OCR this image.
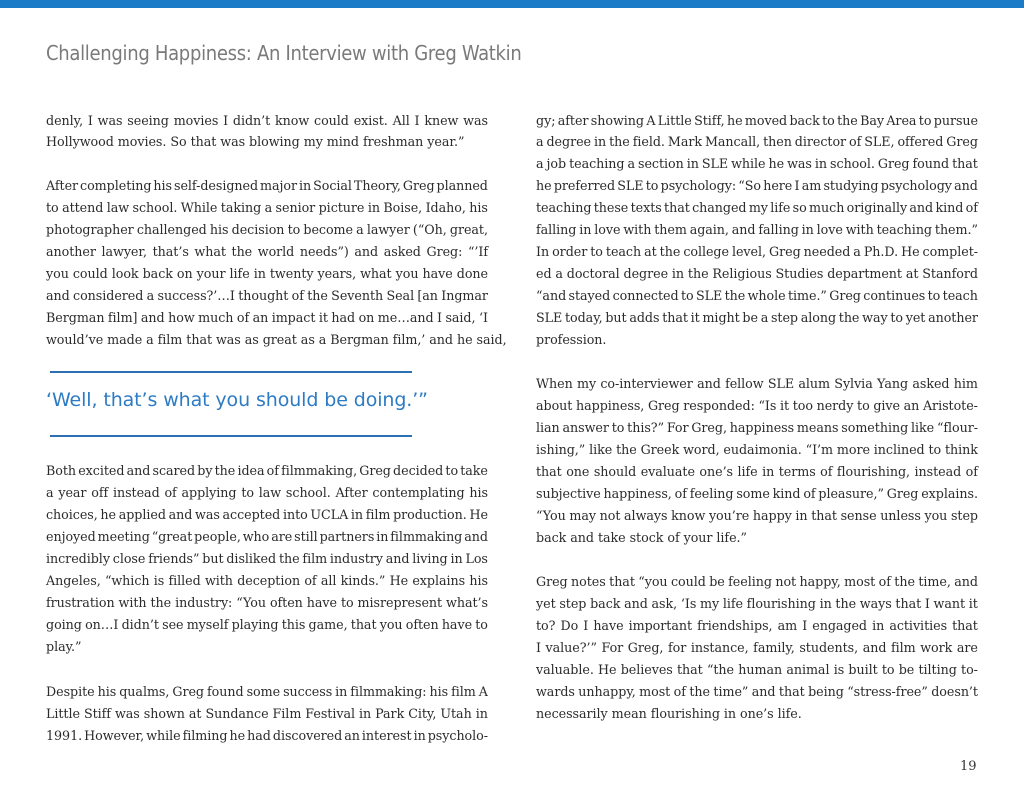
Challenging Happiness: An Interview with Greg Watkin
denly, I was seeing movies I didn’t know could exist. All I knew was
Hollywood movies. So that was blowing my mind freshman year.”
After completing his self-designed major in Social Theory, Greg planned
to attend law school. While taking a senior picture in Boise, Idaho, his
photographer challenged his decision to become a lawyer (“Oh, great,
another lawyer, that’s what the world needs”) and asked Greg: “’If
you could look back on your life in twenty years, what you have done
and considered a success?’…I thought of the Seventh Seal [an Ingmar
Bergman film] and how much of an impact it had on me…and I said, ‘I
would’ve made a film that was as great as a Bergman film,’ and he said,
‘Well, that’s what you should be doing.’”
Both excited and scared by the idea of filmmaking, Greg decided to take
a year off instead of applying to law school. After contemplating his
choices, he applied and was accepted into UCLA in film production. He
enjoyed meeting “great people, who are still partners in filmmaking and
incredibly close friends” but disliked the film industry and living in Los
Angeles, “which is filled with deception of all kinds.” He explains his
frustration with the industry: “You often have to misrepresent what’s
going on…I didn’t see myself playing this game, that you often have to
play.”
Despite his qualms, Greg found some success in filmmaking: his film A
Little Stiff was shown at Sundance Film Festival in Park City, Utah in
1991. However, while filming he had discovered an interest in psycholo-
gy; after showing A Little Stiff, he moved back to the Bay Area to pursue
a degree in the field. Mark Mancall, then director of SLE, offered Greg
a job teaching a section in SLE while he was in school. Greg found that
he preferred SLE to psychology: “So here I am studying psychology and
teaching these texts that changed my life so much originally and kind of
falling in love with them again, and falling in love with teaching them.”
In order to teach at the college level, Greg needed a Ph.D. He complet-
ed a doctoral degree in the Religious Studies department at Stanford
“and stayed connected to SLE the whole time.” Greg continues to teach
SLE today, but adds that it might be a step along the way to yet another
profession.
When my co-interviewer and fellow SLE alum Sylvia Yang asked him
about happiness, Greg responded: “Is it too nerdy to give an Aristote-
lian answer to this?” For Greg, happiness means something like “flour-
ishing,” like the Greek word, eudaimonia. “I’m more inclined to think
that one should evaluate one’s life in terms of flourishing, instead of
subjective happiness, of feeling some kind of pleasure,” Greg explains.
“You may not always know you’re happy in that sense unless you step
back and take stock of your life.”
Greg notes that “you could be feeling not happy, most of the time, and
yet step back and ask, ‘Is my life flourishing in the ways that I want it
to? Do I have important friendships, am I engaged in activities that
I value?’” For Greg, for instance, family, students, and film work are
valuable. He believes that “the human animal is built to be tilting to-
wards unhappy, most of the time” and that being “stress-free” doesn’t
necessarily mean flourishing in one’s life.
19
